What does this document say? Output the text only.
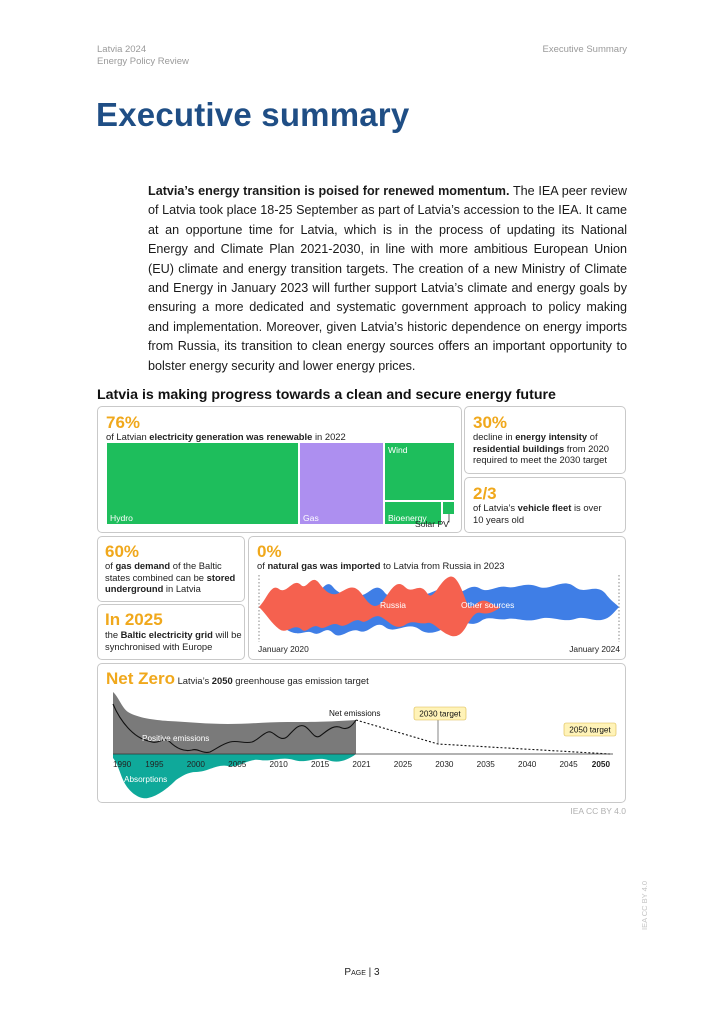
Latvia 2024
Energy Policy Review
Executive Summary
Executive summary

Latvia’s energy transition is poised for renewed momentum. The IEA peer review of Latvia took place 18-25 September as part of Latvia’s accession to the IEA. It came at an opportune time for Latvia, which is in the process of updating its National Energy and Climate Plan 2021-2030, in line with more ambitious European Union (EU) climate and energy transition targets. The creation of a new Ministry of Climate and Energy in January 2023 will further support Latvia’s climate and energy goals by ensuring a more dedicated and systematic government approach to policy making and implementation. Moreover, given Latvia’s historic dependence on energy imports from Russia, its transition to clean energy sources offers an important opportunity to bolster energy security and lower energy prices.

Latvia is making progress towards a clean and secure energy future
76%
of Latvian electricity generation was renewable in 2022
Hydro	Gas
Wind
Bioenergy
Solar PV
30%
decline in energy intensity of residential buildings from 2020 required to meet the 2030 target
2/3
of Latvia’s vehicle fleet is over 10 years old
60%
of gas demand of the Baltic states combined can be stored underground in Latvia
In 2025
the Baltic electricity grid will be synchronised with Europe
0%
of natural gas was imported to Latvia from Russia in 2023
Russia	Other sources
January 2020	January 2024
Net Zero Latvia’s 2050 greenhouse gas emission target
Net emissions	2030 target
2050 target
Positive emissions
Absorptions
1990 1995	2000	2005	2010	2015	2021	2025	2030	2035	2040	2045 2050
IEA CC BY 4.0
Page | 3
IEA CC BY 4.0
